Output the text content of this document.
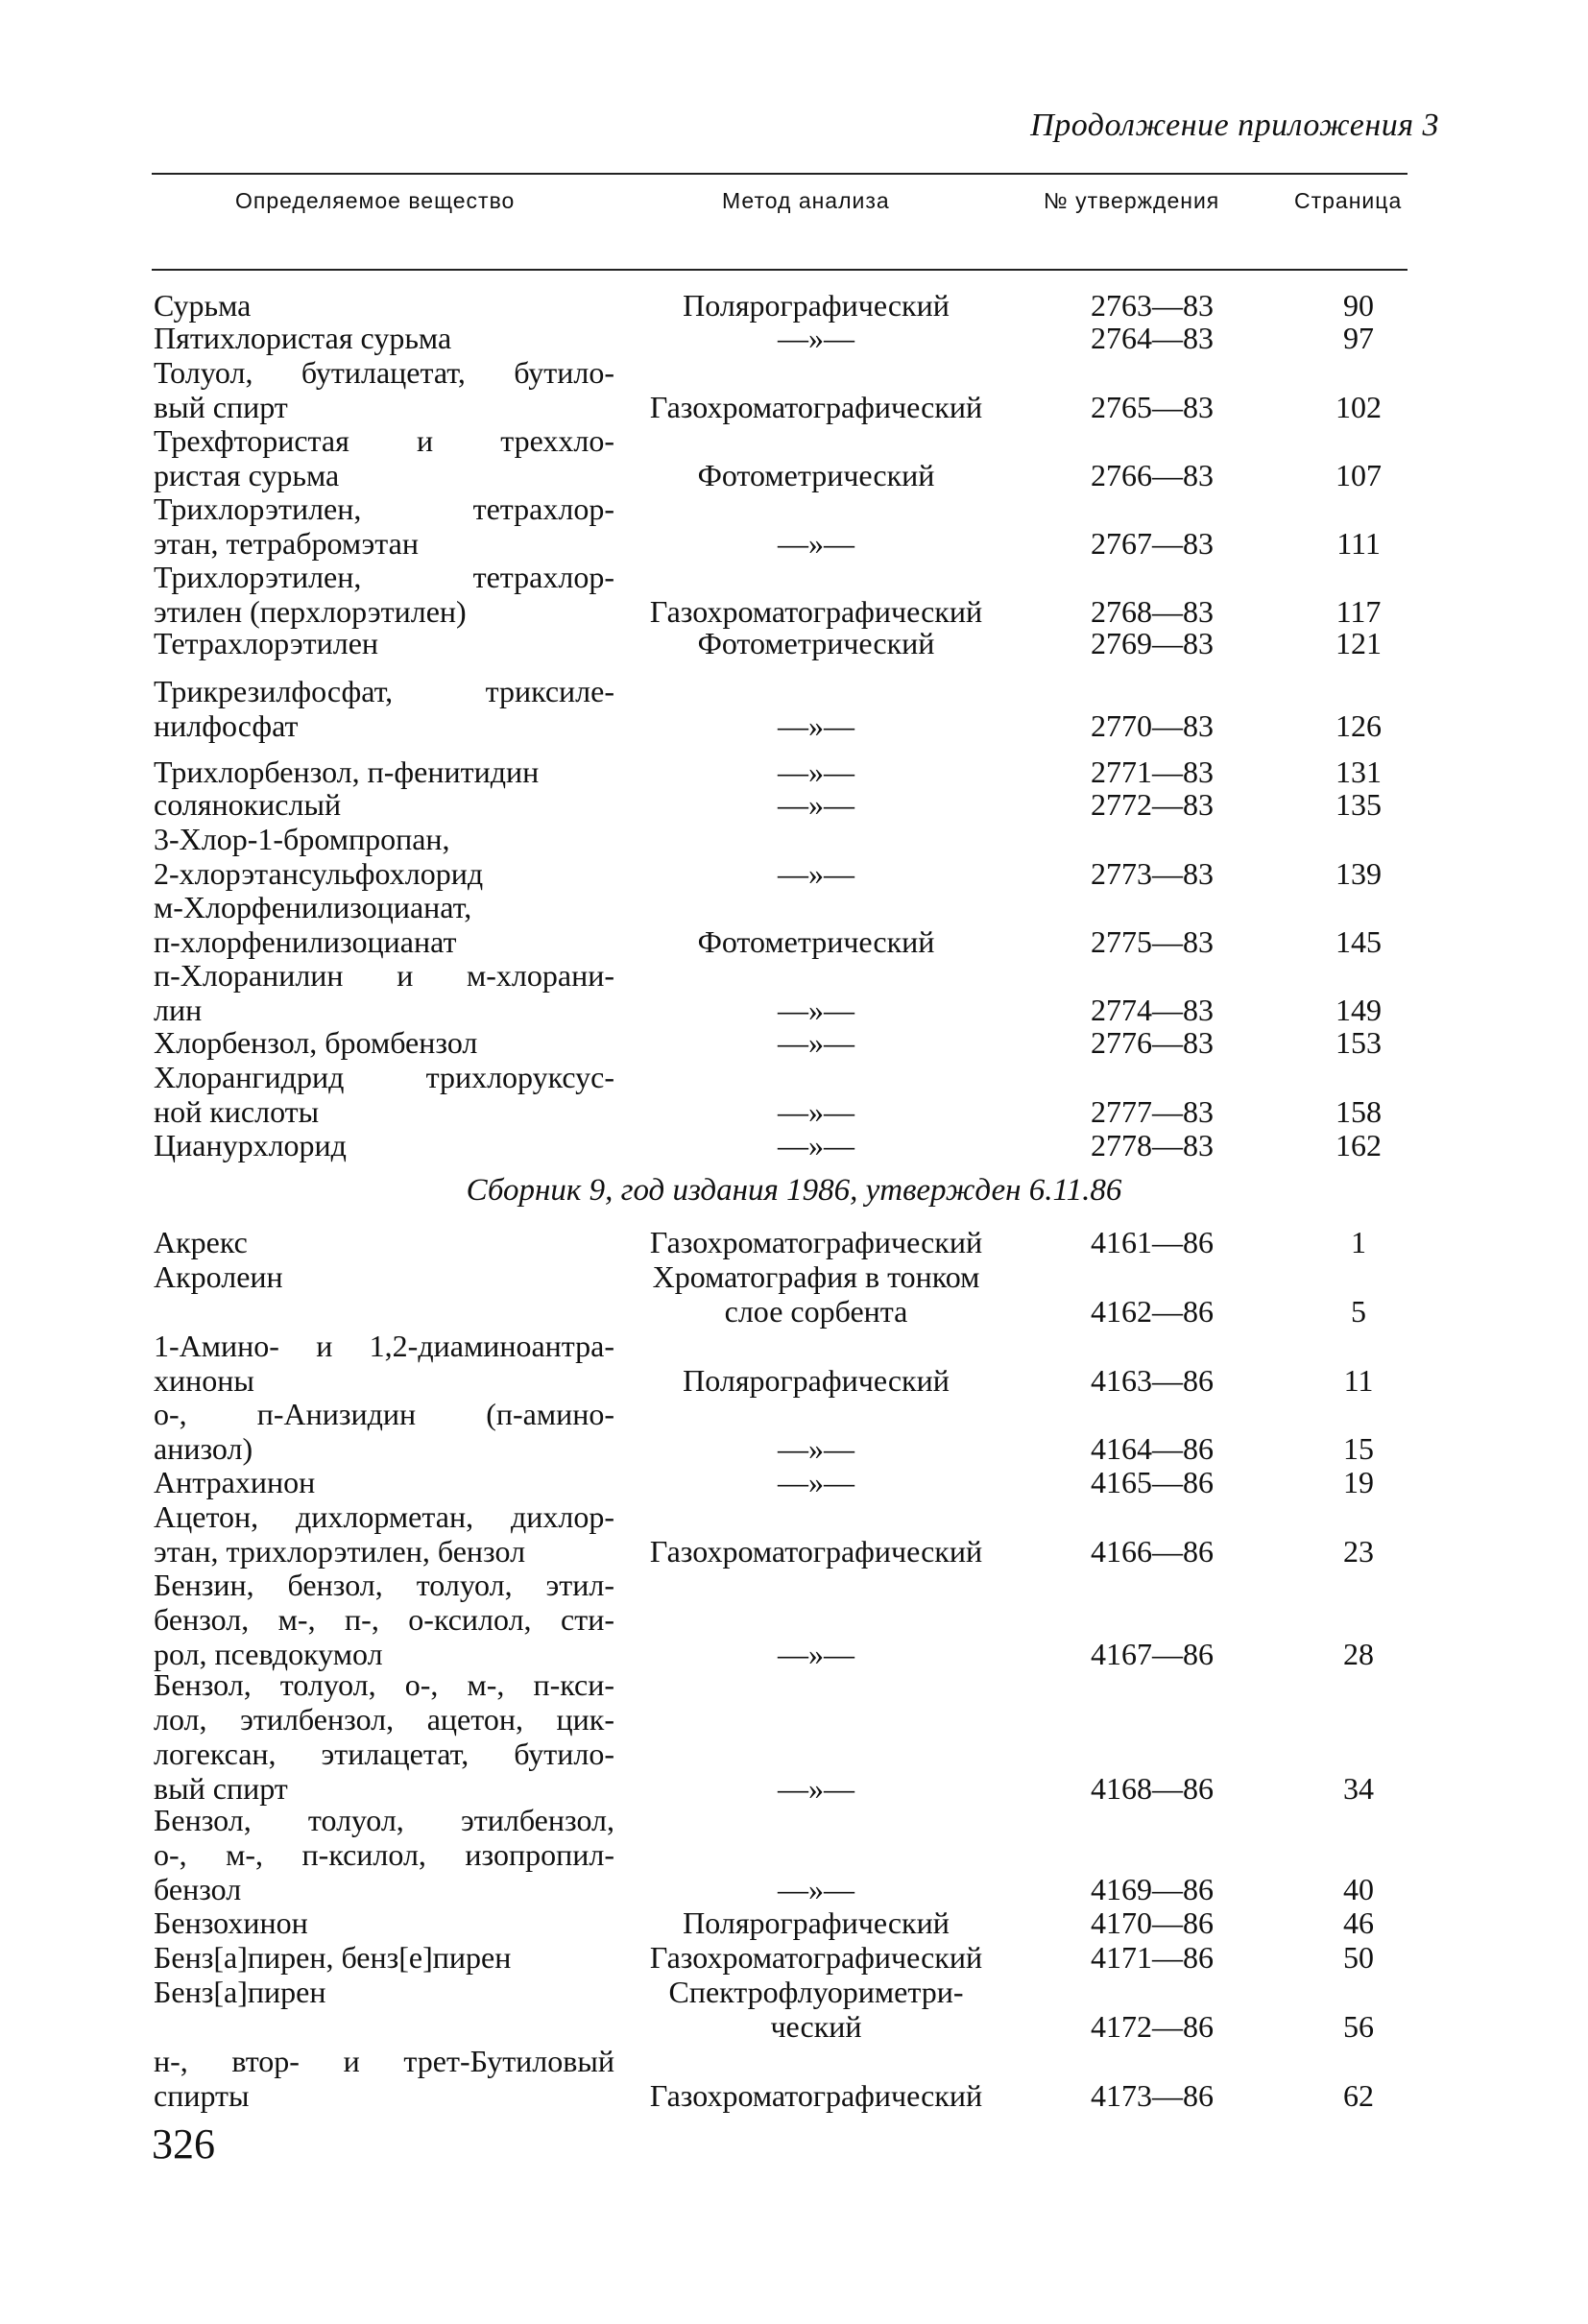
Продолжение приложения 3
Определяемое вещество	Метод анализа	№ утверждения	Страница
Сурьма	Полярографический	2763—83	90
Пятихлористая сурьма	—»—	2764—83	97
Толуол, бутилацетат, бутило-
вый спирт	Газохроматографический	2765—83	102
Трехфтористая и треххло-
ристая сурьма	Фотометрический	2766—83	107
Трихлорэтилен, тетрахлор-
этан, тетрабромэтан	—»—	2767—83	111
Трихлорэтилен, тетрахлор-
этилен (перхлорэтилен)	Газохроматографический	2768—83	117
Тетрахлорэтилен	Фотометрический	2769—83	121
Трикрезилфосфат, триксиле-
нилфосфат	—»—	2770—83	126
Трихлорбензол, п-фенитидин	—»—	2771—83	131
солянокислый	—»—	2772—83	135
3-Хлор-1-бромпропан,
2-хлорэтансульфохлорид	—»—	2773—83	139
м-Хлорфенилизоцианат,
п-хлорфенилизоцианат	Фотометрический	2775—83	145
п-Хлоранилин и м-хлорани-
лин	—»—	2774—83	149
Хлорбензол, бромбензол	—»—	2776—83	153
Хлорангидрид трихлоруксус-
ной кислоты	—»—	2777—83	158
Цианурхлорид	—»—	2778—83	162
Сборник 9, год издания 1986, утвержден 6.11.86
Акрекс	Газохроматографический	4161—86	1
Акролеин	Хроматография в тонком
слое сорбента	4162—86	5
1-Амино- и 1,2-диаминоантра-
хиноны	Полярографический	4163—86	11
о-, п-Анизидин (п-амино-
анизол)	—»—	4164—86	15
Антрахинон	—»—	4165—86	19
Ацетон, дихлорметан, дихлор-
этан, трихлорэтилен, бензол	Газохроматографический	4166—86	23
Бензин, бензол, толуол, этил-
бензол, м-, п-, о-ксилол, сти-
рол, псевдокумол	—»—	4167—86	28
Бензол, толуол, о-, м-, п-кси-
лол, этилбензол, ацетон, цик-
логексан, этилацетат, бутило-
вый спирт	—»—	4168—86	34
Бензол, толуол, этилбензол,
о-, м-, п-ксилол, изопропил-
бензол	—»—	4169—86	40
Бензохинон	Полярографический	4170—86	46
Бенз[а]пирен, бенз[е]пирен	Газохроматографический	4171—86	50
Бенз[а]пирен	Спектрофлуориметри-
ческий	4172—86	56
н-, втор- и трет-Бутиловый
спирты	Газохроматографический	4173—86	62
326
